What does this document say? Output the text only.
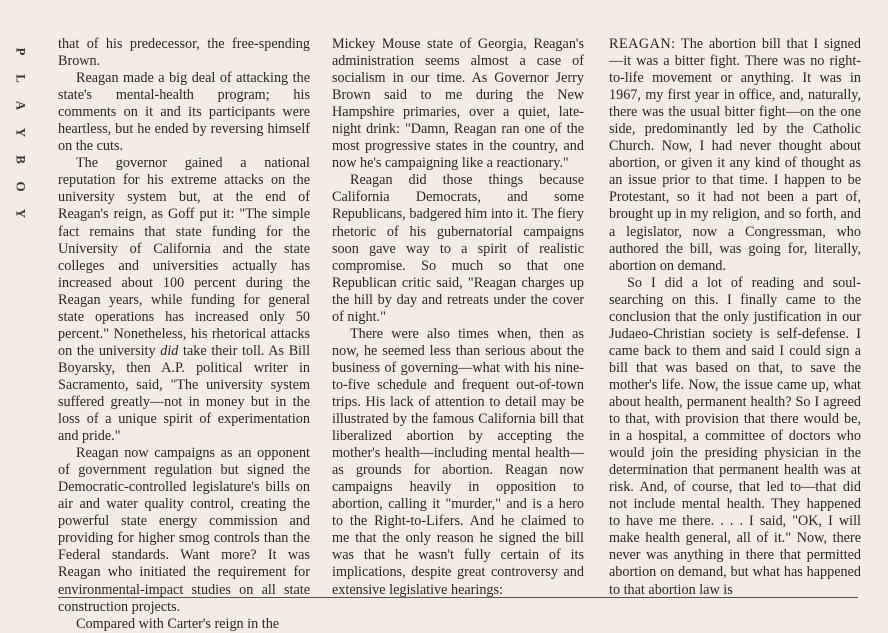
P
L
A
Y
B
O
Y

that of his predecessor, the free-spending Brown.

Reagan made a big deal of attacking the state's mental-health program; his comments on it and its participants were heartless, but he ended by reversing himself on the cuts.

The governor gained a national reputation for his extreme attacks on the university system but, at the end of Reagan's reign, as Goff put it: "The simple fact remains that state funding for the University of California and the state colleges and universities actually has increased about 100 percent during the Reagan years, while funding for general state operations has increased only 50 percent." Nonetheless, his rhetorical attacks on the university did take their toll. As Bill Boyarsky, then A.P. political writer in Sacramento, said, "The university system suffered greatly—not in money but in the loss of a unique spirit of experimentation and pride."

Reagan now campaigns as an opponent of government regulation but signed the Democratic-controlled legislature's bills on air and water quality control, creating the powerful state energy commission and providing for higher smog controls than the Federal standards. Want more? It was Reagan who initiated the requirement for environmental-impact studies on all state construction projects.

Compared with Carter's reign in the

Mickey Mouse state of Georgia, Reagan's administration seems almost a case of socialism in our time. As Governor Jerry Brown said to me during the New Hampshire primaries, over a quiet, late-night drink: "Damn, Reagan ran one of the most progressive states in the country, and now he's campaigning like a reactionary."

Reagan did those things because California Democrats, and some Republicans, badgered him into it. The fiery rhetoric of his gubernatorial campaigns soon gave way to a spirit of realistic compromise. So much so that one Republican critic said, "Reagan charges up the hill by day and retreats under the cover of night."

There were also times when, then as now, he seemed less than serious about the business of governing—what with his nine-to-five schedule and frequent out-of-town trips. His lack of attention to detail may be illustrated by the famous California bill that liberalized abortion by accepting the mother's health—including mental health—as grounds for abortion. Reagan now campaigns heavily in opposition to abortion, calling it "murder," and is a hero to the Right-to-Lifers. And he claimed to me that the only reason he signed the bill was that he wasn't fully certain of its implications, despite great controversy and extensive legislative hearings:

REAGAN: The abortion bill that I signed—it was a bitter fight. There was no right-to-life movement or anything. It was in 1967, my first year in office, and, naturally, there was the usual bitter fight—on the one side, predominantly led by the Catholic Church. Now, I had never thought about abortion, or given it any kind of thought as an issue prior to that time. I happen to be Protestant, so it had not been a part of, brought up in my religion, and so forth, and a legislator, now a Congressman, who authored the bill, was going for, literally, abortion on demand.

So I did a lot of reading and soul-searching on this. I finally came to the conclusion that the only justification in our Judaeo-Christian society is self-defense. I came back to them and said I could sign a bill that was based on that, to save the mother's life. Now, the issue came up, what about health, permanent health? So I agreed to that, with provision that there would be, in a hospital, a committee of doctors who would join the presiding physician in the determination that permanent health was at risk. And, of course, that led to—that did not include mental health. They happened to have me there. . . . I said, "OK, I will make health general, all of it." Now, there never was anything in there that permitted abortion on demand, but what has happened to that abortion law is
